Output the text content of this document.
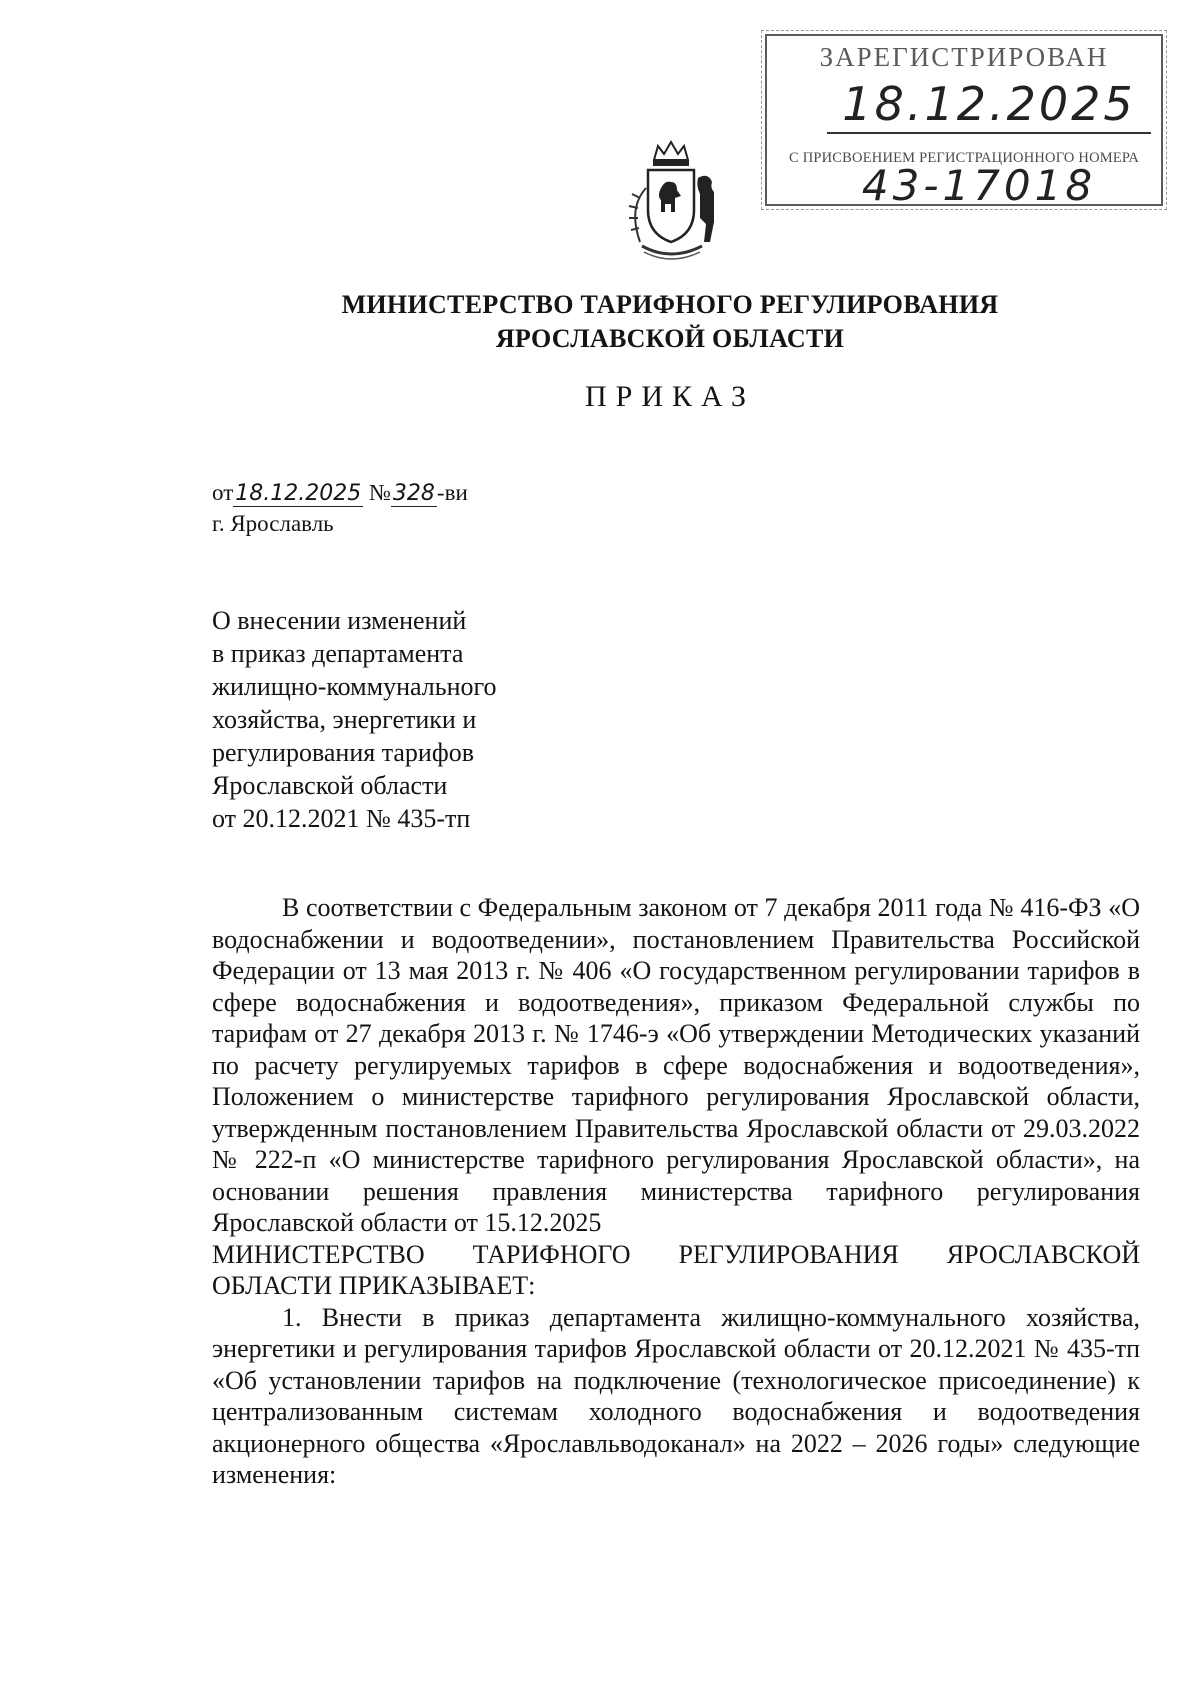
ЗАРЕГИСТРИРОВАН
18.12.2025
С ПРИСВОЕНИЕМ РЕГИСТРАЦИОННОГО НОМЕРА
43-17018
МИНИСТЕРСТВО ТАРИФНОГО РЕГУЛИРОВАНИЯ
ЯРОСЛАВСКОЙ ОБЛАСТИ
ПРИКАЗ
от18.12.2025 №328-ви
г. Ярославль
О внесении изменений
в приказ департамента
жилищно-коммунального
хозяйства, энергетики и
регулирования тарифов
Ярославской области
от 20.12.2021 № 435-тп

В соответствии с Федеральным законом от 7 декабря 2011 года № 416-ФЗ «О водоснабжении и водоотведении», постановлением Правительства Российской Федерации от 13 мая 2013 г. № 406 «О государственном регулировании тарифов в сфере водоснабжения и водоотведения», приказом Федеральной службы по тарифам от 27 декабря 2013 г. № 1746-э «Об утверждении Методических указаний по расчету регулируемых тарифов в сфере водоснабжения и водоотведения», Положением о министерстве тарифного регулирования Ярославской области, утвержденным постановлением Правительства Ярославской области от 29.03.2022 № 222-п «О министерстве тарифного регулирования Ярославской области», на основании решения правления министерства тарифного регулирования Ярославской области от 15.12.2025

МИНИСТЕРСТВО ТАРИФНОГО РЕГУЛИРОВАНИЯ ЯРОСЛАВСКОЙ ОБЛАСТИ ПРИКАЗЫВАЕТ:

1. Внести в приказ департамента жилищно-коммунального хозяйства, энергетики и регулирования тарифов Ярославской области от 20.12.2021 № 435-тп «Об установлении тарифов на подключение (технологическое присоединение) к централизованным системам холодного водоснабжения и водоотведения акционерного общества «Ярославльводоканал» на 2022 – 2026 годы» следующие изменения:
